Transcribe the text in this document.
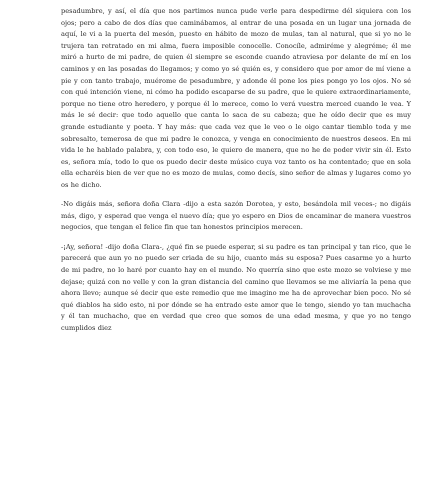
pesadumbre, y así, el día que nos partimos nunca pude verle para despedirme dél siquiera con los ojos; pero a cabo de dos días que caminábamos, al entrar de una posada en un lugar una jornada de aquí, le vi a la puerta del mesón, puesto en hábito de mozo de mulas, tan al natural, que si yo no le trujera tan retratado en mi alma, fuera imposible conocelle. Conocíle, admiréme y alegréme; él me miró a hurto de mi padre, de quien él siempre se esconde cuando atraviesa por delante de mí en los caminos y en las posadas do llegamos; y como yo sé quién es, y considero que por amor de mí viene a pie y con tanto trabajo, muérome de pesadumbre, y adonde él pone los pies pongo yo los ojos. No sé con qué intención viene, ni cómo ha podido escaparse de su padre, que le quiere extraordinariamente, porque no tiene otro heredero, y porque él lo merece, como lo verá vuestra merced cuando le vea. Y más le sé decir: que todo aquello que canta lo saca de su cabeza; que he oído decir que es muy grande estudiante y poeta. Y hay más: que cada vez que le veo o le oigo cantar tiemblo toda y me sobresalto, temerosa de que mi padre le conozca, y venga en conocimiento de nuestros deseos. En mi vida le he hablado palabra, y, con todo eso, le quiero de manera, que no he de poder vivir sin él. Esto es, señora mía, todo lo que os puedo decir deste músico cuya voz tanto os ha contentado; que en sola ella echaréis bien de ver que no es mozo de mulas, como decís, sino señor de almas y lugares como yo os he dicho.

-No digáis más, señora doña Clara -dijo a esta sazón Dorotea, y esto, besándola mil veces-; no digáis más, digo, y esperad que venga el nuevo día; que yo espero en Dios de encaminar de manera vuestros negocios, que tengan el felice fin que tan honestos principios merecen.

-¡Ay, señora! -dijo doña Clara-, ¿qué fin se puede esperar, si su padre es tan principal y tan rico, que le parecerá que aun yo no puedo ser criada de su hijo, cuanto más su esposa? Pues casarme yo a hurto de mi padre, no lo haré por cuanto hay en el mundo. No querría sino que este mozo se volviese y me dejase; quizá con no velle y con la gran distancia del camino que llevamos se me aliviaría la pena que ahora llevo; aunque sé decir que este remedio que me imagino me ha de aprovechar bien poco. No sé qué diablos ha sido esto, ni por dónde se ha entrado este amor que le tengo, siendo yo tan muchacha y él tan muchacho, que en verdad que creo que somos de una edad mesma, y que yo no tengo cumplidos diez
